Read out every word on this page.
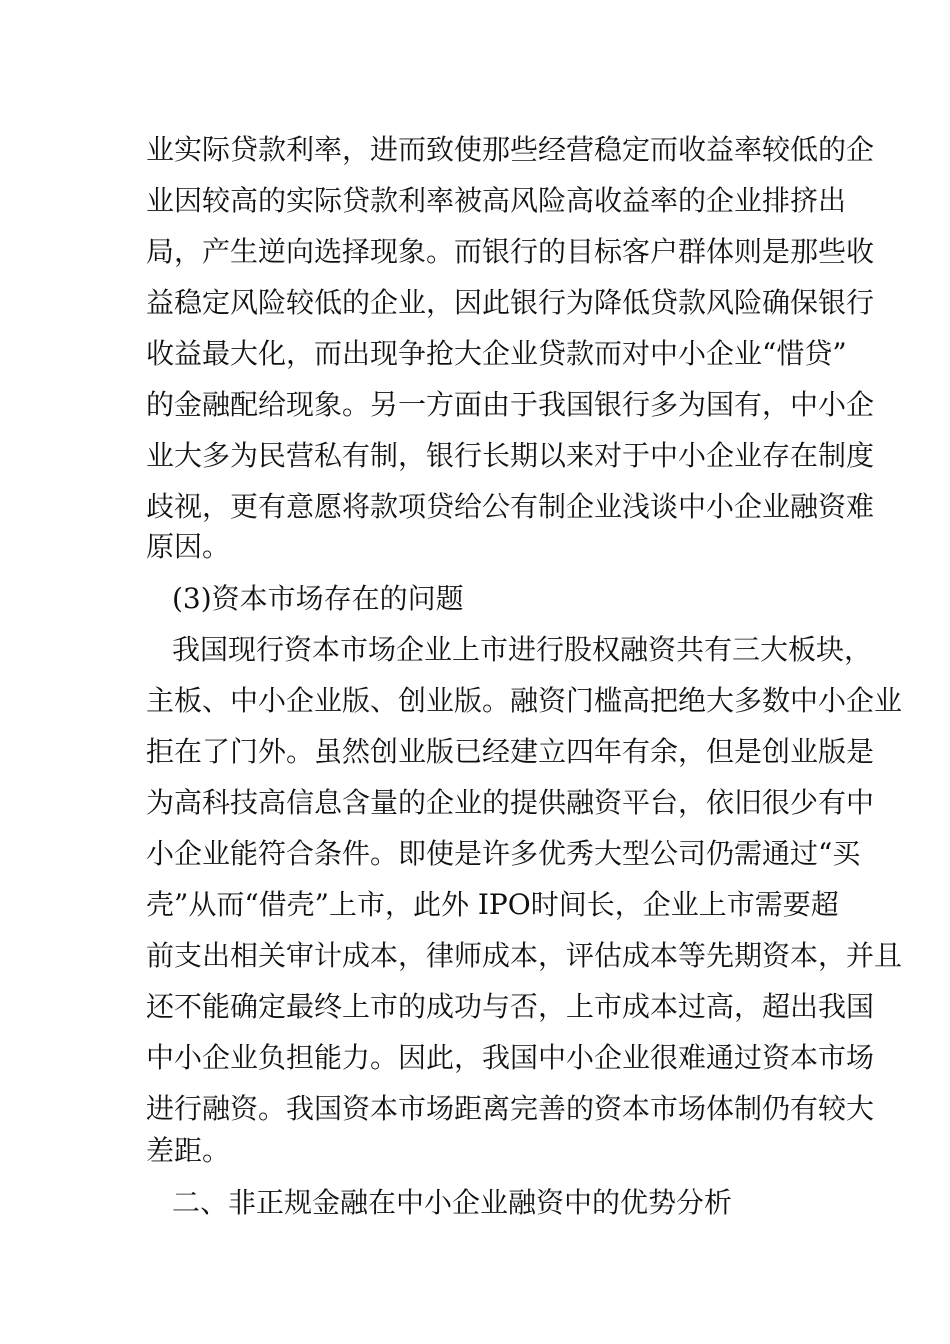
业实际贷款利率，进而致使那些经营稳定而收益率较低的企
业因较高的实际贷款利率被高风险高收益率的企业排挤出
局，产生逆向选择现象。而银行的目标客户群体则是那些收
益稳定风险较低的企业，因此银行为降低贷款风险确保银行
收益最大化，而出现争抢大企业贷款而对中小企业“惜贷”
的金融配给现象。另一方面由于我国银行多为国有，中小企
业大多为民营私有制，银行长期以来对于中小企业存在制度
歧视，更有意愿将款项贷给公有制企业浅谈中小企业融资难
原因。
(3)资本市场存在的问题
我国现行资本市场企业上市进行股权融资共有三大板块，
主板、中小企业版、创业版。融资门槛高把绝大多数中小企业
拒在了门外。虽然创业版已经建立四年有余，但是创业版是
为高科技高信息含量的企业的提供融资平台，依旧很少有中
小企业能符合条件。即使是许多优秀大型公司仍需通过“买
壳”从而“借壳”上市，此外 IPO时间长，企业上市需要超
前支出相关审计成本，律师成本，评估成本等先期资本，并且
还不能确定最终上市的成功与否，上市成本过高，超出我国
中小企业负担能力。因此，我国中小企业很难通过资本市场
进行融资。我国资本市场距离完善的资本市场体制仍有较大
差距。
二、非正规金融在中小企业融资中的优势分析
